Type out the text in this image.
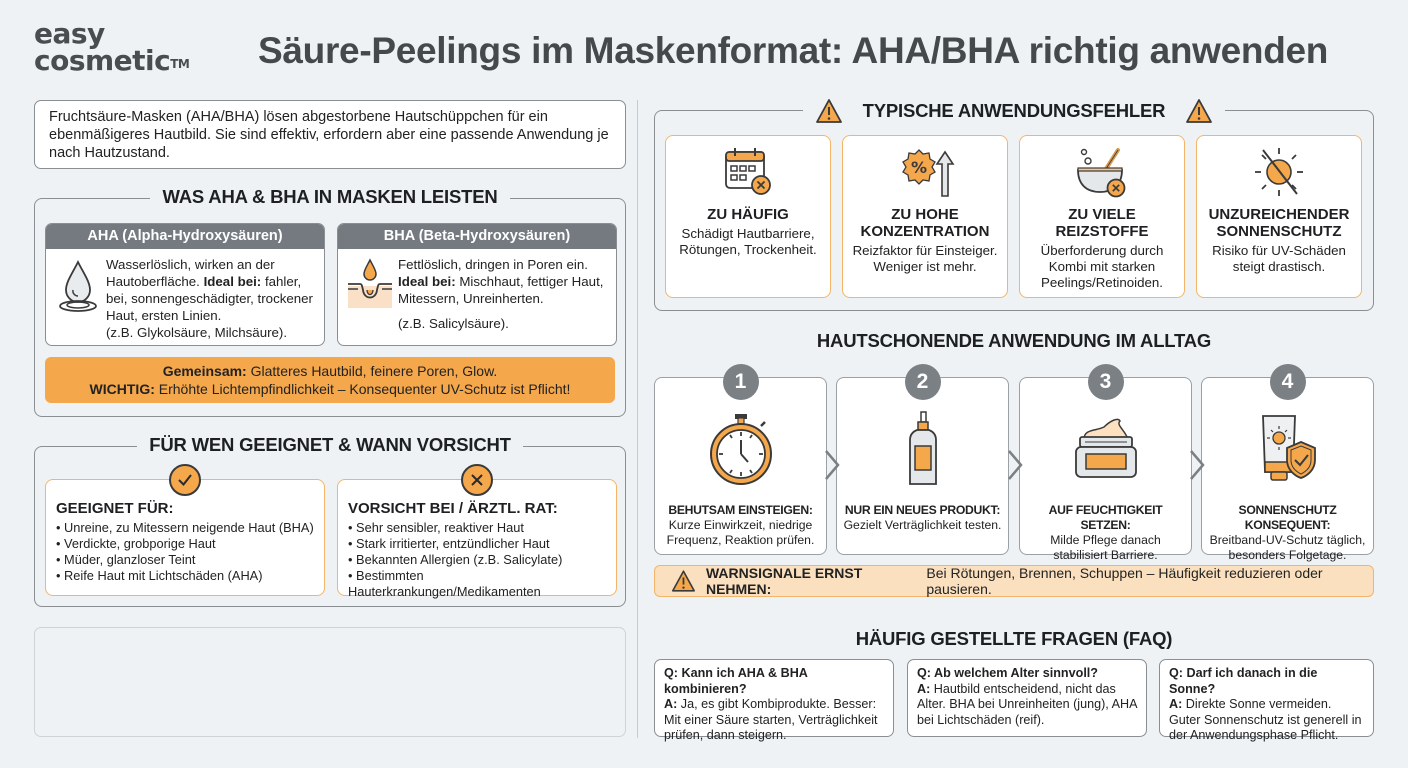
easy
cosmetic™ Säure-Peelings im Maskenformat: AHA/BHA richtig anwenden
Fruchtsäure-Masken (AHA/BHA) lösen abgestorbene Hautschüppchen für ein ebenmäßigeres Hautbild. Sie sind effektiv, erfordern aber eine passende Anwendung je nach Hautzustand.
WAS AHA & BHA IN MASKEN LEISTEN
AHA (Alpha-Hydroxysäuren)
Wasserlöslich, wirken an der Hautoberfläche. Ideal bei: fahler, bei, sonnengeschädigter, trockener Haut, ersten Linien.
(z.B. Glykolsäure, Milchsäure).
BHA (Beta-Hydroxysäuren)
Fettlöslich, dringen in Poren ein.
Ideal bei: Mischhaut, fettiger Haut, Mitessern, Unreinherten.
(z.B. Salicylsäure).
Gemeinsam: Glatteres Hautbild, feinere Poren, Glow.
WICHTIG: Erhöhte Lichtempfindlichkeit – Konsequenter UV-Schutz ist Pflicht!
FÜR WEN GEEIGNET & WANN VORSICHT
GEEIGNET FÜR:
• Unreine, zu Mitessern neigende Haut (BHA)
• Verdickte, grobporige Haut
• Müder, glanzloser Teint
• Reife Haut mit Lichtschäden (AHA)
VORSICHT BEI / ÄRZTL. RAT:
• Sehr sensibler, reaktiver Haut
• Stark irritierter, entzündlicher Haut
• Bekannten Allergien (z.B. Salicylate)
• Bestimmten Hauterkrankungen/Medikamenten
TYPISCHE ANWENDUNGSFEHLER
ZU HÄUFIG
Schädigt Hautbarriere, Rötungen, Trockenheit.
%
ZU HOHE KONZENTRATION
Reizfaktor für Einsteiger. Weniger ist mehr.
ZU VIELE REIZSTOFFE
Überforderung durch Kombi mit starken Peelings/Retinoiden.
UNZUREICHENDER SONNENSCHUTZ
Risiko für UV-Schäden steigt drastisch.
HAUTSCHONENDE ANWENDUNG IM ALLTAG
1
BEHUTSAM EINSTEIGEN:
Kurze Einwirkzeit, niedrige Frequenz, Reaktion prüfen.
2
NUR EIN NEUES PRODUKT:
Gezielt Verträglichkeit testen.
3
AUF FEUCHTIGKEIT SETZEN:
Milde Pflege danach stabilisiert Barriere.
4
SONNENSCHUTZ KONSEQUENT:
Breitband-UV-Schutz täglich, besonders Folgetage.
WARNSIGNALE ERNST NEHMEN:
Bei Rötungen, Brennen, Schuppen – Häufigkeit reduzieren oder pausieren.
HÄUFIG GESTELLTE FRAGEN (FAQ)
Q: Kann ich AHA & BHA kombinieren?
A: Ja, es gibt Kombiprodukte. Besser: Mit einer Säure starten, Verträglichkeit prüfen, dann steigern.
Q: Ab welchem Alter sinnvoll?
A: Hautbild entscheidend, nicht das Alter. BHA bei Unreinheiten (jung), AHA bei Lichtschäden (reif).
Q: Darf ich danach in die Sonne?
A: Direkte Sonne vermeiden. Guter Sonnenschutz ist generell in der Anwendungsphase Pflicht.
